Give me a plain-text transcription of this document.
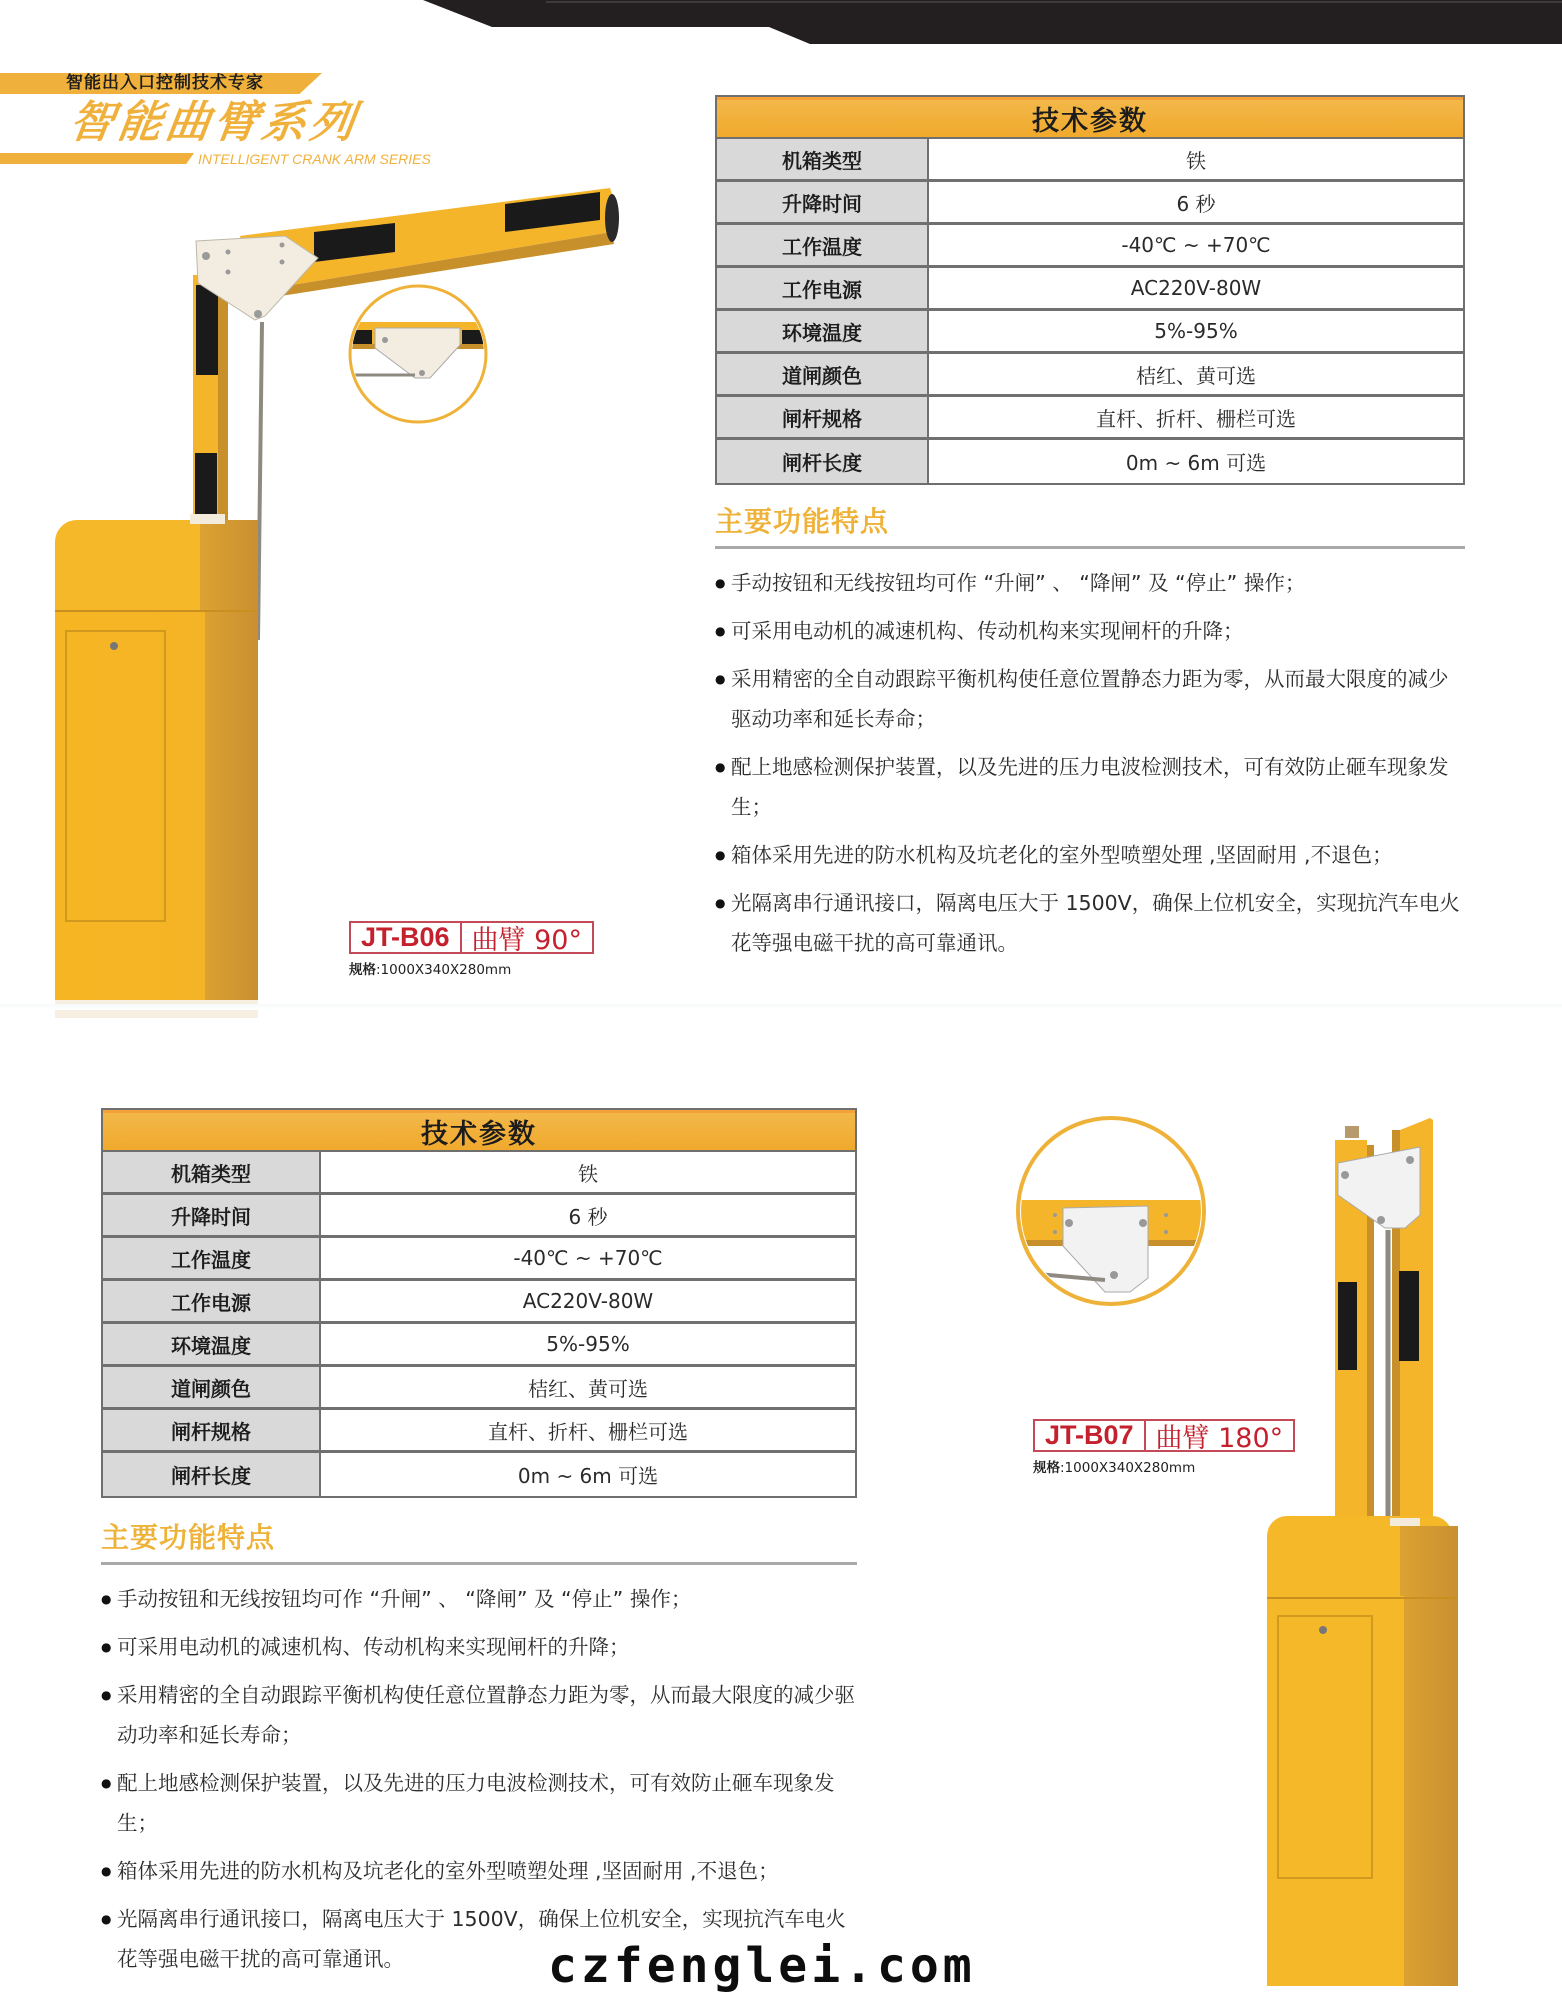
智能出入口控制技术专家
智能曲臂系列
INTELLIGENT CRANK ARM SERIES
JT-B06 曲臂 90°
规格:1000X340X280mm
技术参数
机箱类型	铁
升降时间	6 秒
工作温度	-40℃ ~ +70℃
工作电源	AC220V-80W
环境温度	5%-95%
道闸颜色	桔红、黄可选
闸杆规格	直杆、折杆、栅栏可选
闸杆长度	0m ~ 6m 可选
主要功能特点
● 手动按钮和无线按钮均可作 “升闸” 、 “降闸” 及 “停止” 操作；
● 可采用电动机的减速机构、传动机构来实现闸杆的升降；
● 采用精密的全自动跟踪平衡机构使任意位置静态力距为零，从而最大限度的减少驱动功率和延长寿命；
● 配上地感检测保护装置，以及先进的压力电波检测技术，可有效防止砸车现象发生；
● 箱体采用先进的防水机构及坑老化的室外型喷塑处理 ,坚固耐用 ,不退色；
● 光隔离串行通讯接口，隔离电压大于 1500V，确保上位机安全，实现抗汽车电火花等强电磁干扰的高可靠通讯。
技术参数
机箱类型	铁
升降时间	6 秒
工作温度	-40℃ ~ +70℃
工作电源	AC220V-80W
环境温度	5%-95%
道闸颜色	桔红、黄可选
闸杆规格	直杆、折杆、栅栏可选
闸杆长度	0m ~ 6m 可选
主要功能特点
● 手动按钮和无线按钮均可作 “升闸” 、 “降闸” 及 “停止” 操作；
● 可采用电动机的减速机构、传动机构来实现闸杆的升降；
● 采用精密的全自动跟踪平衡机构使任意位置静态力距为零，从而最大限度的减少驱动功率和延长寿命；
● 配上地感检测保护装置，以及先进的压力电波检测技术，可有效防止砸车现象发生；
● 箱体采用先进的防水机构及坑老化的室外型喷塑处理 ,坚固耐用 ,不退色；
● 光隔离串行通讯接口，隔离电压大于 1500V，确保上位机安全，实现抗汽车电火花等强电磁干扰的高可靠通讯。
JT-B07 曲臂 180°
规格:1000X340X280mm
czfenglei.com
